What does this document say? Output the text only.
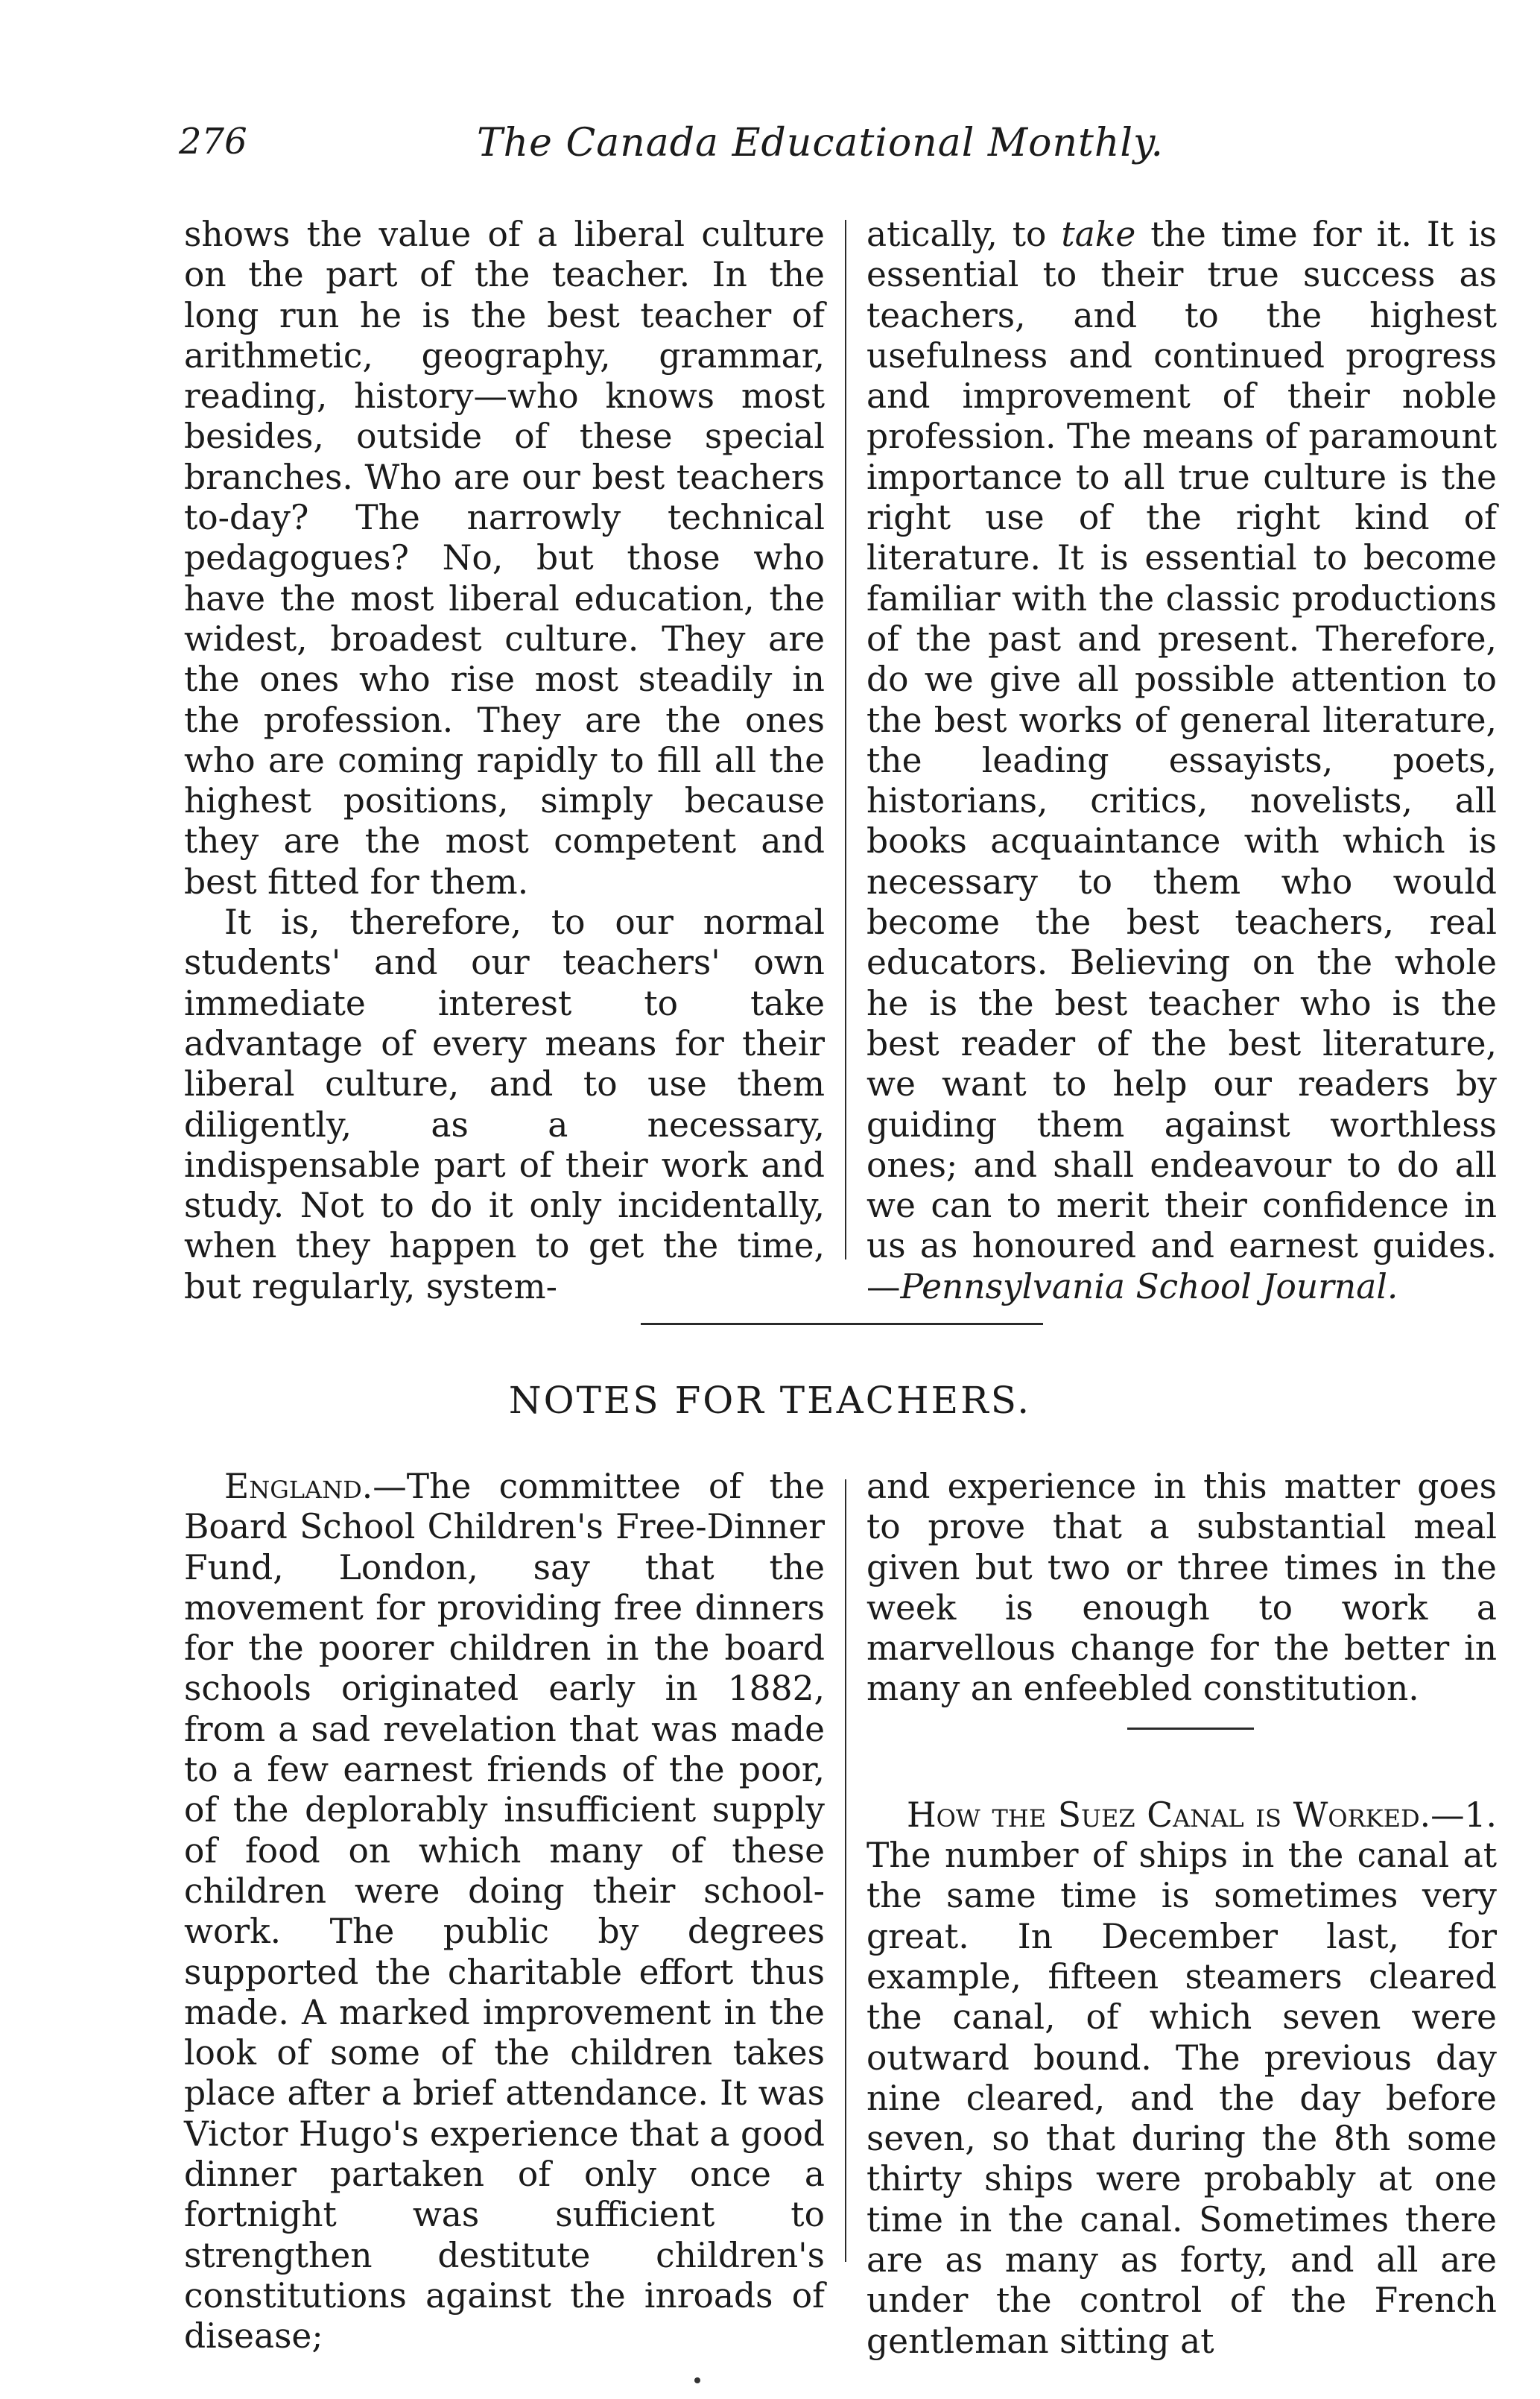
276	The Canada Educational Monthly.

shows the value of a liberal culture on the part of the teacher. In the long run he is the best teacher of arithmetic, geography, grammar, reading, history—who knows most besides, outside of these special branches. Who are our best teachers to-day? The narrowly technical pedagogues? No, but those who have the most liberal education, the widest, broadest culture. They are the ones who rise most steadily in the profession. They are the ones who are coming rapidly to fill all the highest positions, simply because they are the most competent and best fitted for them.

It is, therefore, to our normal students' and our teachers' own immediate interest to take advantage of every means for their liberal culture, and to use them diligently, as a necessary, indispensable part of their work and study. Not to do it only incidentally, when they happen to get the time, but regularly, system-

atically, to take the time for it. It is essential to their true success as teachers, and to the highest usefulness and continued progress and improvement of their noble profession. The means of paramount importance to all true culture is the right use of the right kind of literature. It is essential to become familiar with the classic productions of the past and present. Therefore, do we give all possible attention to the best works of general literature, the leading essayists, poets, historians, critics, novelists, all books acquaintance with which is necessary to them who would become the best teachers, real educators. Believing on the whole he is the best teacher who is the best reader of the best literature, we want to help our readers by guiding them against worthless ones; and shall endeavour to do all we can to merit their confidence in us as honoured and earnest guides.—Pennsylvania School Journal.

NOTES FOR TEACHERS.

England.—The committee of the Board School Children's Free-Dinner Fund, London, say that the movement for providing free dinners for the poorer children in the board schools originated early in 1882, from a sad revelation that was made to a few earnest friends of the poor, of the deplorably insufficient supply of food on which many of these children were doing their school-work. The public by degrees supported the charitable effort thus made. A marked improvement in the look of some of the children takes place after a brief attendance. It was Victor Hugo's experience that a good dinner partaken of only once a fortnight was sufficient to strengthen destitute children's constitutions against the inroads of disease;

and experience in this matter goes to prove that a substantial meal given but two or three times in the week is enough to work a marvellous change for the better in many an enfeebled constitution.

How the Suez Canal is Worked.—1. The number of ships in the canal at the same time is sometimes very great. In December last, for example, fifteen steamers cleared the canal, of which seven were outward bound. The previous day nine cleared, and the day before seven, so that during the 8th some thirty ships were probably at one time in the canal. Sometimes there are as many as forty, and all are under the control of the French gentleman sitting at
